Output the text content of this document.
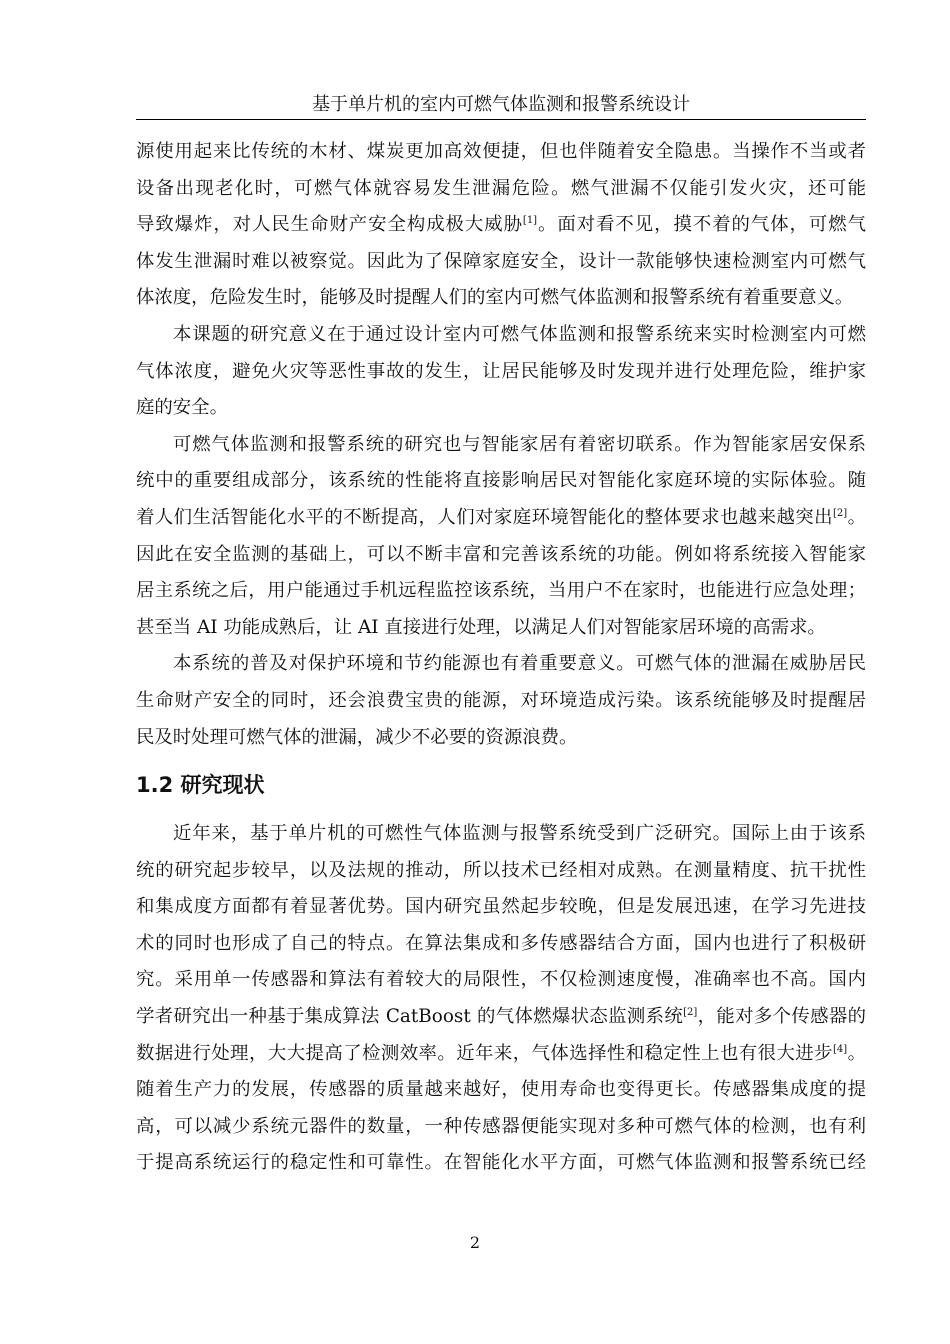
基于单片机的室内可燃气体监测和报警系统设计
源使用起来比传统的木材、煤炭更加高效便捷，但也伴随着安全隐患。当操作不当或者
设备出现老化时，可燃气体就容易发生泄漏危险。燃气泄漏不仅能引发火灾，还可能
导致爆炸，对人民生命财产安全构成极大威胁[1]。面对看不见，摸不着的气体，可燃气
体发生泄漏时难以被察觉。因此为了保障家庭安全，设计一款能够快速检测室内可燃气
体浓度，危险发生时，能够及时提醒人们的室内可燃气体监测和报警系统有着重要意义。
本课题的研究意义在于通过设计室内可燃气体监测和报警系统来实时检测室内可燃
气体浓度，避免火灾等恶性事故的发生，让居民能够及时发现并进行处理危险，维护家
庭的安全。
可燃气体监测和报警系统的研究也与智能家居有着密切联系。作为智能家居安保系
统中的重要组成部分，该系统的性能将直接影响居民对智能化家庭环境的实际体验。随
着人们生活智能化水平的不断提高，人们对家庭环境智能化的整体要求也越来越突出[2]。
因此在安全监测的基础上，可以不断丰富和完善该系统的功能。例如将系统接入智能家
居主系统之后，用户能通过手机远程监控该系统，当用户不在家时，也能进行应急处理；
甚至当 AI 功能成熟后，让 AI 直接进行处理，以满足人们对智能家居环境的高需求。
本系统的普及对保护环境和节约能源也有着重要意义。可燃气体的泄漏在威胁居民
生命财产安全的同时，还会浪费宝贵的能源，对环境造成污染。该系统能够及时提醒居
民及时处理可燃气体的泄漏，减少不必要的资源浪费。
1.2 研究现状
近年来，基于单片机的可燃性气体监测与报警系统受到广泛研究。国际上由于该系
统的研究起步较早，以及法规的推动，所以技术已经相对成熟。在测量精度、抗干扰性
和集成度方面都有着显著优势。国内研究虽然起步较晚，但是发展迅速，在学习先进技
术的同时也形成了自己的特点。在算法集成和多传感器结合方面，国内也进行了积极研
究。采用单一传感器和算法有着较大的局限性，不仅检测速度慢，准确率也不高。国内
学者研究出一种基于集成算法 CatBoost 的气体燃爆状态监测系统[2]，能对多个传感器的
数据进行处理，大大提高了检测效率。近年来，气体选择性和稳定性上也有很大进步[4]。
随着生产力的发展，传感器的质量越来越好，使用寿命也变得更长。传感器集成度的提
高，可以减少系统元器件的数量，一种传感器便能实现对多种可燃气体的检测，也有利
于提高系统运行的稳定性和可靠性。在智能化水平方面，可燃气体监测和报警系统已经
2
